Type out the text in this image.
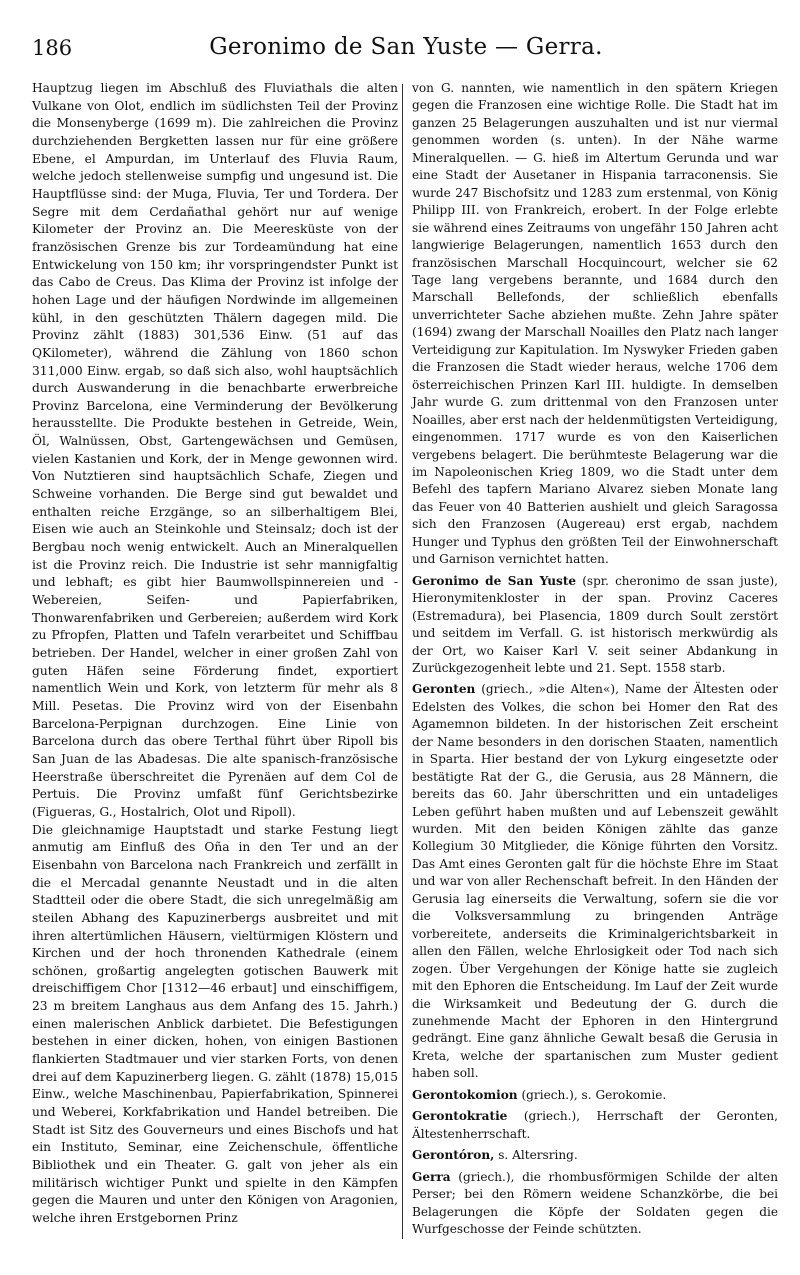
186	Geronimo de San Yuste — Gerra.

Hauptzug liegen im Abschluß des Fluviathals die alten Vulkane von Olot, endlich im südlichsten Teil der Provinz die Monsenyberge (1699 m). Die zahlreichen die Provinz durchziehenden Bergketten lassen nur für eine größere Ebene, el Ampurdan, im Unterlauf des Fluvia Raum, welche jedoch stellenweise sumpfig und ungesund ist. Die Hauptflüsse sind: der Muga, Fluvia, Ter und Tordera. Der Segre mit dem Cerdañathal gehört nur auf wenige Kilometer der Provinz an. Die Meeresküste von der französischen Grenze bis zur Tordeamündung hat eine Entwickelung von 150 km; ihr vorspringendster Punkt ist das Cabo de Creus. Das Klima der Provinz ist infolge der hohen Lage und der häufigen Nordwinde im allgemeinen kühl, in den geschützten Thälern dagegen mild. Die Provinz zählt (1883) 301,536 Einw. (51 auf das QKilometer), während die Zählung von 1860 schon 311,000 Einw. ergab, so daß sich also, wohl hauptsächlich durch Auswanderung in die benachbarte erwerbreiche Provinz Barcelona, eine Verminderung der Bevölkerung herausstellte. Die Produkte bestehen in Getreide, Wein, Öl, Walnüssen, Obst, Gartengewächsen und Gemüsen, vielen Kastanien und Kork, der in Menge gewonnen wird. Von Nutztieren sind hauptsächlich Schafe, Ziegen und Schweine vorhanden. Die Berge sind gut bewaldet und enthalten reiche Erzgänge, so an silberhaltigem Blei, Eisen wie auch an Steinkohle und Steinsalz; doch ist der Bergbau noch wenig entwickelt. Auch an Mineralquellen ist die Provinz reich. Die Industrie ist sehr mannigfaltig und lebhaft; es gibt hier Baumwollspinnereien und -Webereien, Seifen- und Papierfabriken, Thonwarenfabriken und Gerbereien; außerdem wird Kork zu Pfropfen, Platten und Tafeln verarbeitet und Schiffbau betrieben. Der Handel, welcher in einer großen Zahl von guten Häfen seine Förderung findet, exportiert namentlich Wein und Kork, von letzterm für mehr als 8 Mill. Pesetas. Die Provinz wird von der Eisenbahn Barcelona-Perpignan durchzogen. Eine Linie von Barcelona durch das obere Terthal führt über Ripoll bis San Juan de las Abadesas. Die alte spanisch-französische Heerstraße überschreitet die Pyrenäen auf dem Col de Pertuis. Die Provinz umfaßt fünf Gerichtsbezirke (Figueras, G., Hostalrich, Olot und Ripoll).

Die gleichnamige Hauptstadt und starke Festung liegt anmutig am Einfluß des Oña in den Ter und an der Eisenbahn von Barcelona nach Frankreich und zerfällt in die el Mercadal genannte Neustadt und in die alten Stadtteil oder die obere Stadt, die sich unregelmäßig am steilen Abhang des Kapuzinerbergs ausbreitet und mit ihren altertümlichen Häusern, vieltürmigen Klöstern und Kirchen und der hoch thronenden Kathedrale (einem schönen, großartig angelegten gotischen Bauwerk mit dreischiffigem Chor [1312—46 erbaut] und einschiffigem, 23 m breitem Langhaus aus dem Anfang des 15. Jahrh.) einen malerischen Anblick darbietet. Die Befestigungen bestehen in einer dicken, hohen, von einigen Bastionen flankierten Stadtmauer und vier starken Forts, von denen drei auf dem Kapuzinerberg liegen. G. zählt (1878) 15,015 Einw., welche Maschinenbau, Papierfabrikation, Spinnerei und Weberei, Korkfabrikation und Handel betreiben. Die Stadt ist Sitz des Gouverneurs und eines Bischofs und hat ein Instituto, Seminar, eine Zeichenschule, öffentliche Bibliothek und ein Theater. G. galt von jeher als ein militärisch wichtiger Punkt und spielte in den Kämpfen gegen die Mauren und unter den Königen von Aragonien, welche ihren Erstgebornen Prinz

von G. nannten, wie namentlich in den spätern Kriegen gegen die Franzosen eine wichtige Rolle. Die Stadt hat im ganzen 25 Belagerungen auszuhalten und ist nur viermal genommen worden (s. unten). In der Nähe warme Mineralquellen. — G. hieß im Altertum Gerunda und war eine Stadt der Ausetaner in Hispania tarraconensis. Sie wurde 247 Bischofsitz und 1283 zum erstenmal, von König Philipp III. von Frankreich, erobert. In der Folge erlebte sie während eines Zeitraums von ungefähr 150 Jahren acht langwierige Belagerungen, namentlich 1653 durch den französischen Marschall Hocquincourt, welcher sie 62 Tage lang vergebens berannte, und 1684 durch den Marschall Bellefonds, der schließlich ebenfalls unverrichteter Sache abziehen mußte. Zehn Jahre später (1694) zwang der Marschall Noailles den Platz nach langer Verteidigung zur Kapitulation. Im Nyswyker Frieden gaben die Franzosen die Stadt wieder heraus, welche 1706 dem österreichischen Prinzen Karl III. huldigte. In demselben Jahr wurde G. zum drittenmal von den Franzosen unter Noailles, aber erst nach der heldenmütigsten Verteidigung, eingenommen. 1717 wurde es von den Kaiserlichen vergebens belagert. Die berühmteste Belagerung war die im Napoleonischen Krieg 1809, wo die Stadt unter dem Befehl des tapfern Mariano Alvarez sieben Monate lang das Feuer von 40 Batterien aushielt und gleich Saragossa sich den Franzosen (Augereau) erst ergab, nachdem Hunger und Typhus den größten Teil der Einwohnerschaft und Garnison vernichtet hatten.

Geronimo de San Yuste (spr. cheronimo de ssan juste), Hieronymitenkloster in der span. Provinz Caceres (Estremadura), bei Plasencia, 1809 durch Soult zerstört und seitdem im Verfall. G. ist historisch merkwürdig als der Ort, wo Kaiser Karl V. seit seiner Abdankung in Zurückgezogenheit lebte und 21. Sept. 1558 starb.

Geronten (griech., »die Alten«), Name der Ältesten oder Edelsten des Volkes, die schon bei Homer den Rat des Agamemnon bildeten. In der historischen Zeit erscheint der Name besonders in den dorischen Staaten, namentlich in Sparta. Hier bestand der von Lykurg eingesetzte oder bestätigte Rat der G., die Gerusia, aus 28 Männern, die bereits das 60. Jahr überschritten und ein untadeliges Leben geführt haben mußten und auf Lebenszeit gewählt wurden. Mit den beiden Königen zählte das ganze Kollegium 30 Mitglieder, die Könige führten den Vorsitz. Das Amt eines Geronten galt für die höchste Ehre im Staat und war von aller Rechenschaft befreit. In den Händen der Gerusia lag einerseits die Verwaltung, sofern sie die vor die Volksversammlung zu bringenden Anträge vorbereitete, anderseits die Kriminalgerichtsbarkeit in allen den Fällen, welche Ehrlosigkeit oder Tod nach sich zogen. Über Vergehungen der Könige hatte sie zugleich mit den Ephoren die Entscheidung. Im Lauf der Zeit wurde die Wirksamkeit und Bedeutung der G. durch die zunehmende Macht der Ephoren in den Hintergrund gedrängt. Eine ganz ähnliche Gewalt besaß die Gerusia in Kreta, welche der spartanischen zum Muster gedient haben soll.

Gerontokomion (griech.), s. Gerokomie.

Gerontokratie (griech.), Herrschaft der Geronten, Ältestenherrschaft.

Gerontóron, s. Altersring.

Gerra (griech.), die rhombusförmigen Schilde der alten Perser; bei den Römern weidene Schanzkörbe, die bei Belagerungen die Köpfe der Soldaten gegen die Wurfgeschosse der Feinde schützten.
